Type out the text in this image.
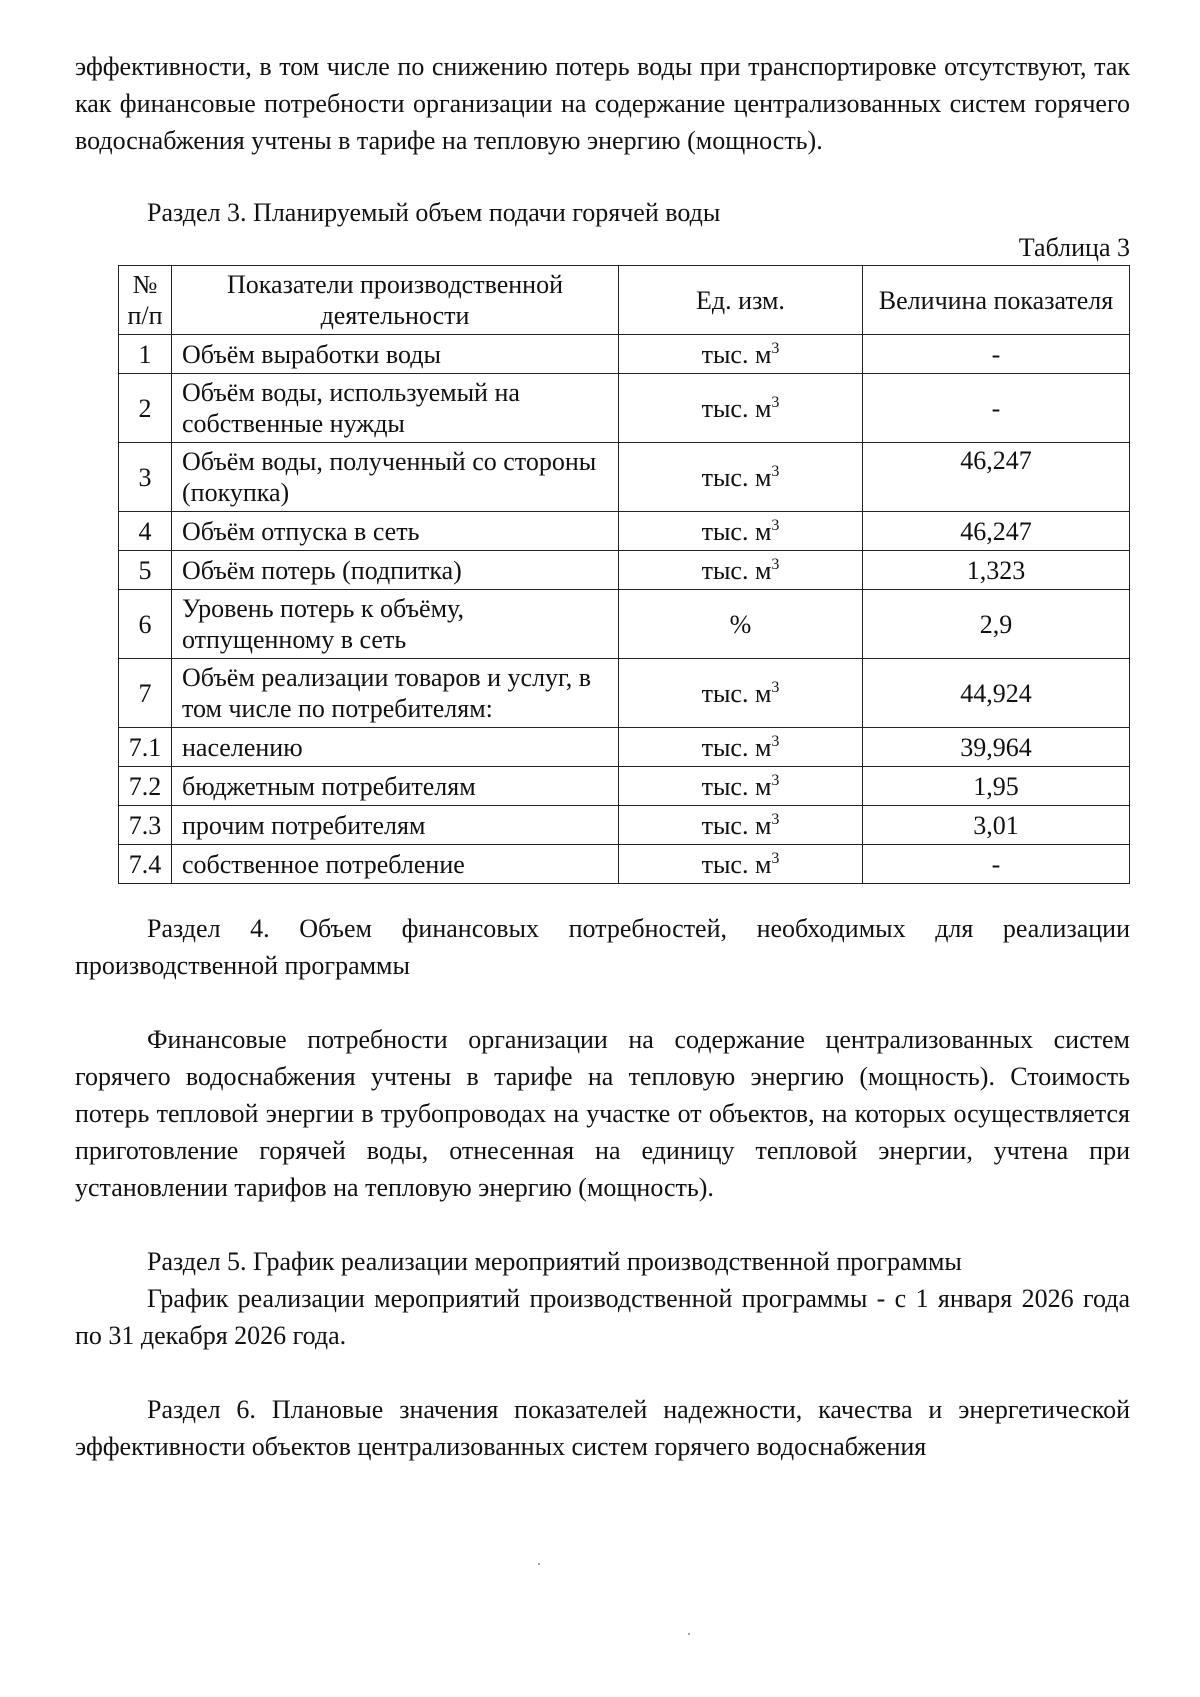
эффективности, в том числе по снижению потерь воды при транспортировке отсутствуют, так как финансовые потребности организации на содержание централизованных систем горячего водоснабжения учтены в тарифе на тепловую энергию (мощность).

Раздел 3. Планируемый объем подачи горячей воды

Таблица 3
№ п/п	Показатели производственной деятельности	Ед. изм.	Величина показателя
1	Объём выработки воды	тыс. $м^3$	-
2	Объём воды, используемый на собственные нужды	тыс. $м^3$	-
3	Объём воды, полученный со стороны (покупка)	тыс. $м^3$	46,247
4	Объём отпуска в сеть	тыс. $м^3$	46,247
5	Объём потерь (подпитка)	тыс. $м^3$	1,323
6	Уровень потерь к объёму, отпущенному в сеть	%	2,9
7	Объём реализации товаров и услуг, в том числе по потребителям:	тыс. $м^3$	44,924
7.1	населению	тыс. $м^3$	39,964
7.2	бюджетным потребителям	тыс. $м^3$	1,95
7.3	прочим потребителям	тыс. $м^3$	3,01
7.4	собственное потребление	тыс. $м^3$	-

Раздел 4. Объем финансовых потребностей, необходимых для реализации производственной программы

Финансовые потребности организации на содержание централизованных систем горячего водоснабжения учтены в тарифе на тепловую энергию (мощность). Стоимость потерь тепловой энергии в трубопроводах на участке от объектов, на которых осуществляется приготовление горячей воды, отнесенная на единицу тепловой энергии, учтена при установлении тарифов на тепловую энергию (мощность).

Раздел 5. График реализации мероприятий производственной программы

График реализации мероприятий производственной программы - с 1 января 2026 года по 31 декабря 2026 года.

Раздел 6. Плановые значения показателей надежности, качества и энергетической эффективности объектов централизованных систем горячего водоснабжения
